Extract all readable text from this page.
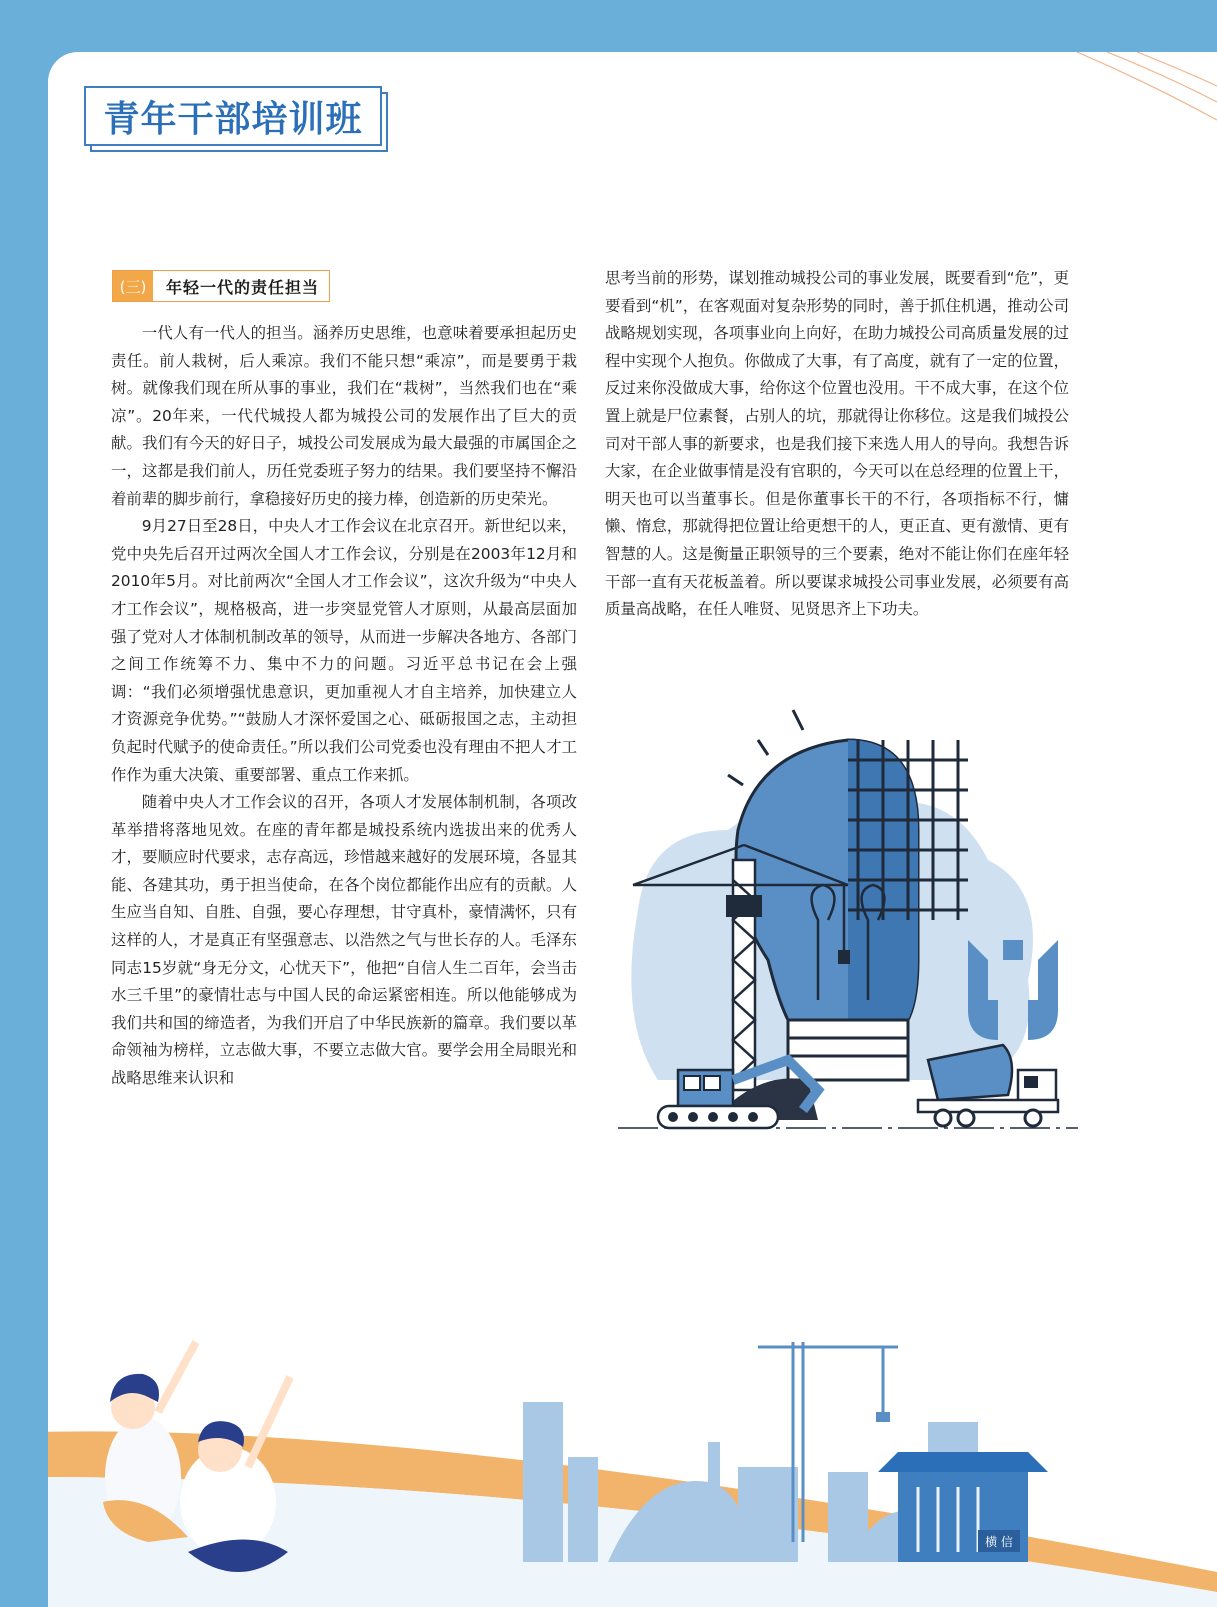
青年干部培训班
(三)	年轻一代的责任担当

一代人有一代人的担当。涵养历史思维，也意味着要承担起历史责任。前人栽树，后人乘凉。我们不能只想“乘凉”，而是要勇于栽树。就像我们现在所从事的事业，我们在“栽树”，当然我们也在“乘凉”。20年来，一代代城投人都为城投公司的发展作出了巨大的贡献。我们有今天的好日子，城投公司发展成为最大最强的市属国企之一，这都是我们前人，历任党委班子努力的结果。我们要坚持不懈沿着前辈的脚步前行，拿稳接好历史的接力棒，创造新的历史荣光。

9月27日至28日，中央人才工作会议在北京召开。新世纪以来，党中央先后召开过两次全国人才工作会议，分别是在2003年12月和2010年5月。对比前两次“全国人才工作会议”，这次升级为“中央人才工作会议”，规格极高，进一步突显党管人才原则，从最高层面加强了党对人才体制机制改革的领导，从而进一步解决各地方、各部门之间工作统筹不力、集中不力的问题。习近平总书记在会上强调：“我们必须增强忧患意识，更加重视人才自主培养，加快建立人才资源竞争优势。”“鼓励人才深怀爱国之心、砥砺报国之志，主动担负起时代赋予的使命责任。”所以我们公司党委也没有理由不把人才工作作为重大决策、重要部署、重点工作来抓。

随着中央人才工作会议的召开，各项人才发展体制机制，各项改革举措将落地见效。在座的青年都是城投系统内选拔出来的优秀人才，要顺应时代要求，志存高远，珍惜越来越好的发展环境，各显其能、各建其功，勇于担当使命，在各个岗位都能作出应有的贡献。人生应当自知、自胜、自强，要心存理想，甘守真朴，豪情满怀，只有这样的人，才是真正有坚强意志、以浩然之气与世长存的人。毛泽东同志15岁就“身无分文，心忧天下”，他把“自信人生二百年，会当击水三千里”的豪情壮志与中国人民的命运紧密相连。所以他能够成为我们共和国的缔造者，为我们开启了中华民族新的篇章。我们要以革命领袖为榜样，立志做大事，不要立志做大官。要学会用全局眼光和战略思维来认识和

思考当前的形势，谋划推动城投公司的事业发展，既要看到“危”，更要看到“机”，在客观面对复杂形势的同时，善于抓住机遇，推动公司战略规划实现，各项事业向上向好，在助力城投公司高质量发展的过程中实现个人抱负。你做成了大事，有了高度，就有了一定的位置，反过来你没做成大事，给你这个位置也没用。干不成大事，在这个位置上就是尸位素餐，占别人的坑，那就得让你移位。这是我们城投公司对干部人事的新要求，也是我们接下来选人用人的导向。我想告诉大家，在企业做事情是没有官职的，今天可以在总经理的位置上干，明天也可以当董事长。但是你董事长干的不行，各项指标不行，慵懒、惰怠，那就得把位置让给更想干的人，更正直、更有激情、更有智慧的人。这是衡量正职领导的三个要素，绝对不能让你们在座年轻干部一直有天花板盖着。所以要谋求城投公司事业发展，必须要有高质量高战略，在任人唯贤、见贤思齐上下功夫。

横 信
